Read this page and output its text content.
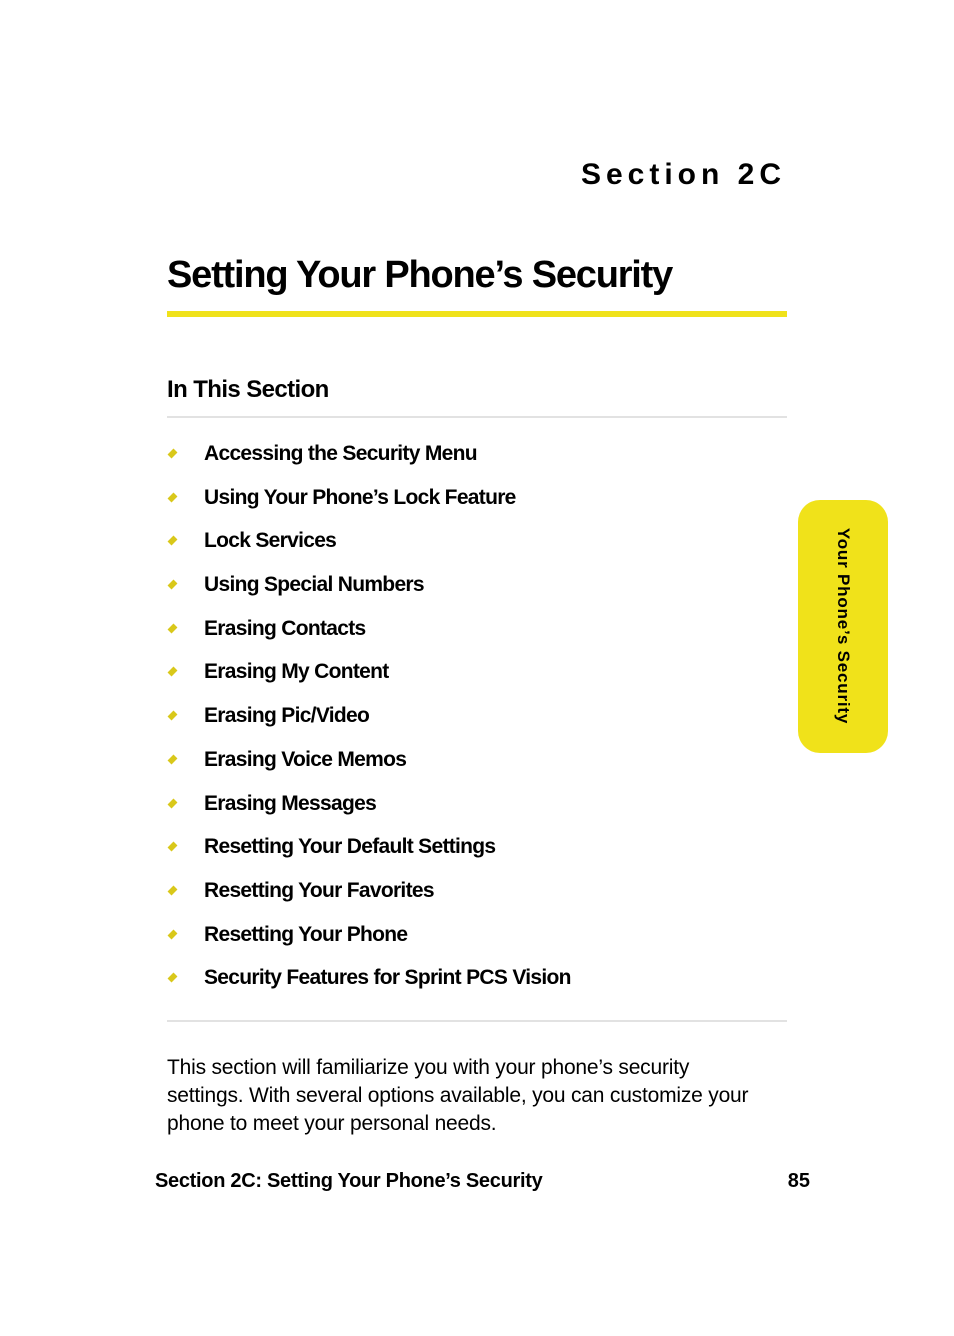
Section 2C
Setting Your Phone’s Security
In This Section
Accessing the Security Menu
Using Your Phone’s Lock Feature
Lock Services
Using Special Numbers
Erasing Contacts
Erasing My Content
Erasing Pic/Video
Erasing Voice Memos
Erasing Messages
Resetting Your Default Settings
Resetting Your Favorites
Resetting Your Phone
Security Features for Sprint PCS Vision

This section will familiarize you with your phone’s security settings. With several options available, you can customize your phone to meet your personal needs.

Section 2C: Setting Your Phone’s Security	85
Your Phone’s Security
